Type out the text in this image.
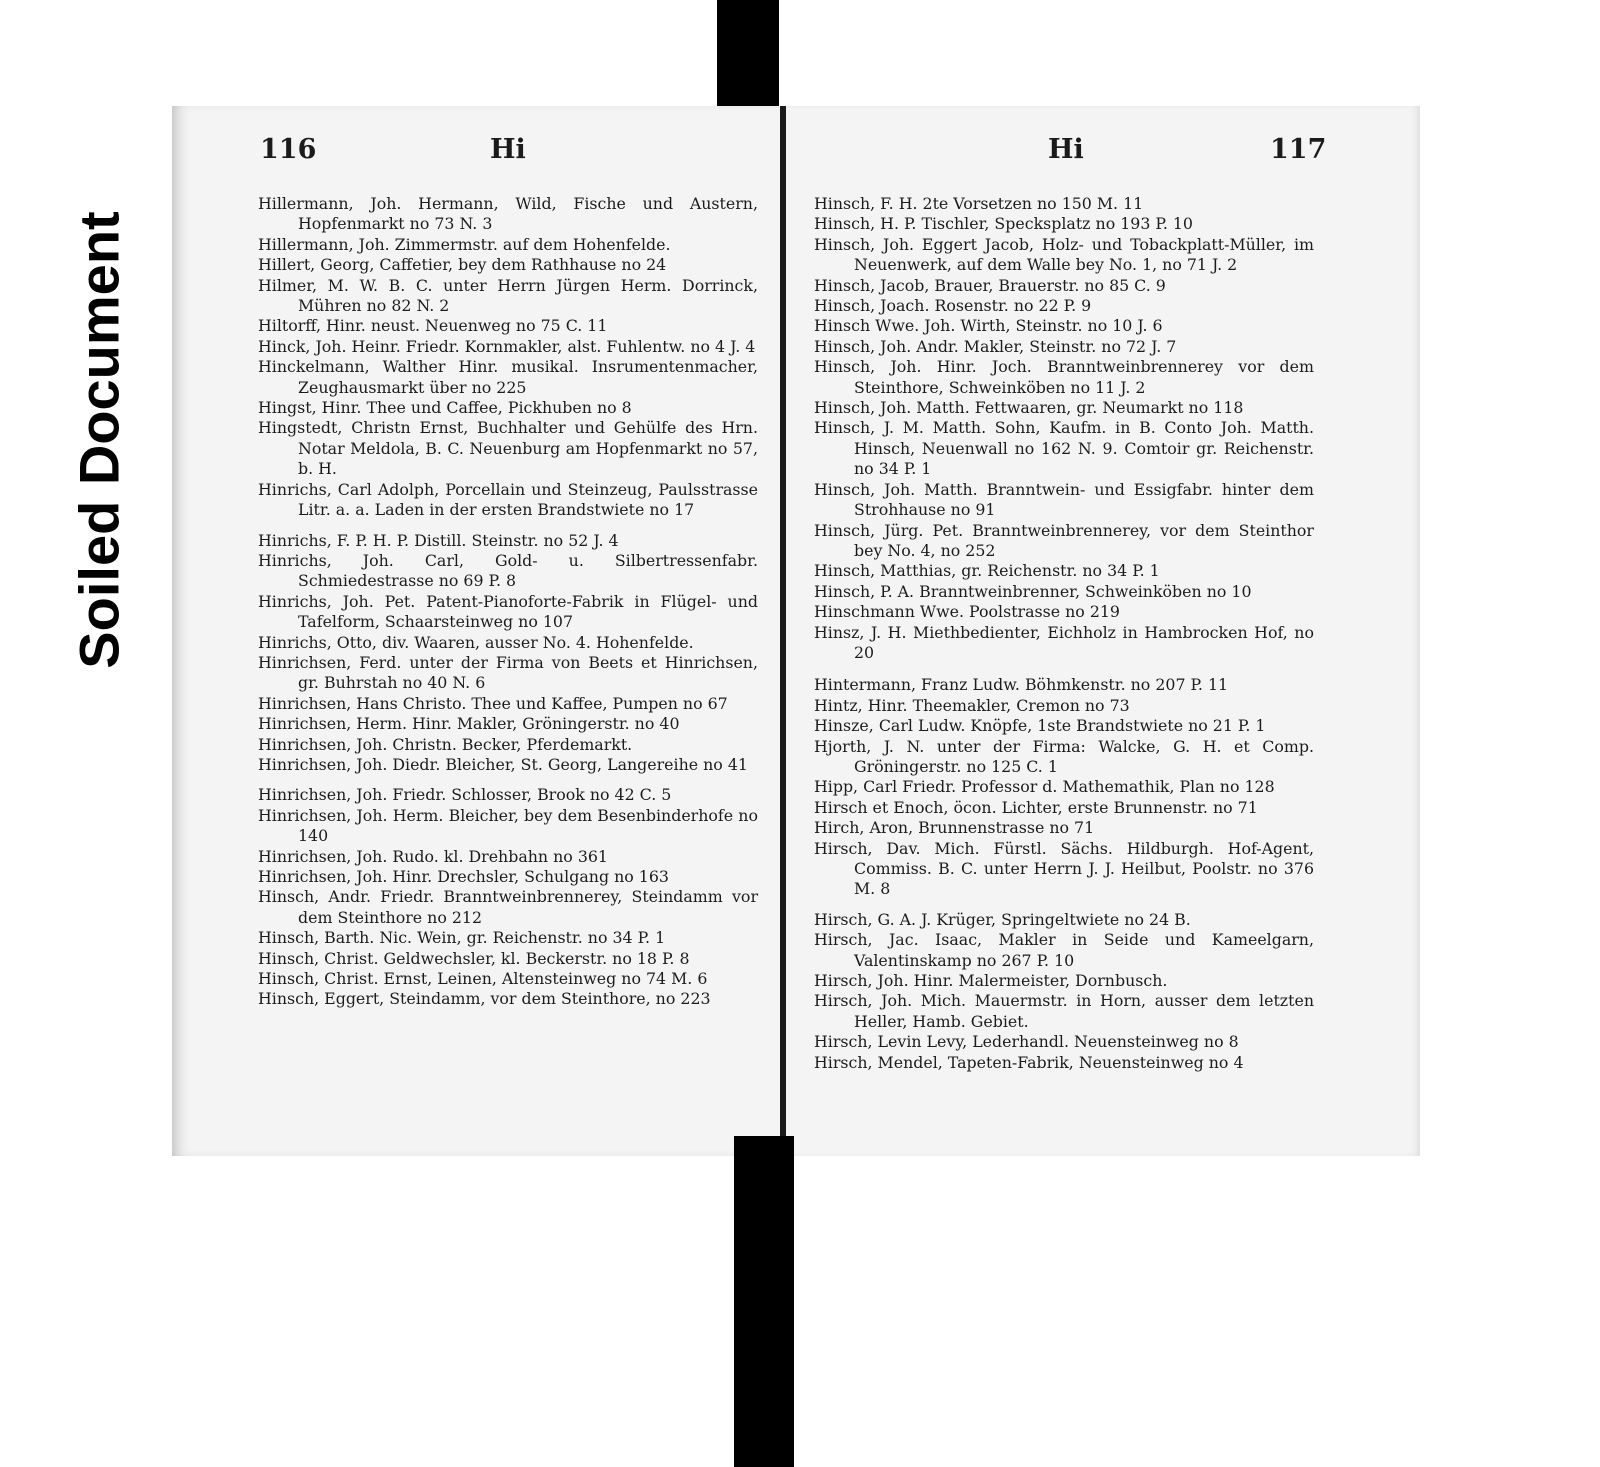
Soiled Document
116	Hi
Hillermann, Joh. Hermann, Wild, Fische und Austern, Hopfenmarkt no 73 N. 3
Hillermann, Joh. Zimmermstr. auf dem Hohenfelde.
Hillert, Georg, Caffetier, bey dem Rathhause no 24
Hilmer, M. W. B. C. unter Herrn Jürgen Herm. Dorrinck, Mühren no 82 N. 2
Hiltorff, Hinr. neust. Neuenweg no 75 C. 11
Hinck, Joh. Heinr. Friedr. Kornmakler, alst. Fuhlentw. no 4 J. 4
Hinckelmann, Walther Hinr. musikal. Insrumentenmacher, Zeughausmarkt über no 225
Hingst, Hinr. Thee und Caffee, Pickhuben no 8
Hingstedt, Christn Ernst, Buchhalter und Gehülfe des Hrn. Notar Meldola, B. C. Neuenburg am Hopfenmarkt no 57, b. H.
Hinrichs, Carl Adolph, Porcellain und Steinzeug, Paulsstrasse Litr. a. a. Laden in der ersten Brandstwiete no 17
Hinrichs, F. P. H. P. Distill. Steinstr. no 52 J. 4
Hinrichs, Joh. Carl, Gold- u. Silbertressenfabr. Schmiedestrasse no 69 P. 8
Hinrichs, Joh. Pet. Patent-Pianoforte-Fabrik in Flügel- und Tafelform, Schaarsteinweg no 107
Hinrichs, Otto, div. Waaren, ausser No. 4. Hohenfelde.
Hinrichsen, Ferd. unter der Firma von Beets et Hinrichsen, gr. Buhrstah no 40 N. 6
Hinrichsen, Hans Christo. Thee und Kaffee, Pumpen no 67
Hinrichsen, Herm. Hinr. Makler, Gröningerstr. no 40
Hinrichsen, Joh. Christn. Becker, Pferdemarkt.
Hinrichsen, Joh. Diedr. Bleicher, St. Georg, Langereihe no 41
Hinrichsen, Joh. Friedr. Schlosser, Brook no 42 C. 5
Hinrichsen, Joh. Herm. Bleicher, bey dem Besenbinderhofe no 140
Hinrichsen, Joh. Rudo. kl. Drehbahn no 361
Hinrichsen, Joh. Hinr. Drechsler, Schulgang no 163
Hinsch, Andr. Friedr. Branntweinbrennerey, Steindamm vor dem Steinthore no 212
Hinsch, Barth. Nic. Wein, gr. Reichenstr. no 34 P. 1
Hinsch, Christ. Geldwechsler, kl. Beckerstr. no 18 P. 8
Hinsch, Christ. Ernst, Leinen, Altensteinweg no 74 M. 6
Hinsch, Eggert, Steindamm, vor dem Steinthore, no 223
Hi	117
Hinsch, F. H. 2te Vorsetzen no 150 M. 11
Hinsch, H. P. Tischler, Specksplatz no 193 P. 10
Hinsch, Joh. Eggert Jacob, Holz- und Tobackplatt-Müller, im Neuenwerk, auf dem Walle bey No. 1, no 71 J. 2
Hinsch, Jacob, Brauer, Brauerstr. no 85 C. 9
Hinsch, Joach. Rosenstr. no 22 P. 9
Hinsch Wwe. Joh. Wirth, Steinstr. no 10 J. 6
Hinsch, Joh. Andr. Makler, Steinstr. no 72 J. 7
Hinsch, Joh. Hinr. Joch. Branntweinbrennerey vor dem Steinthore, Schweinköben no 11 J. 2
Hinsch, Joh. Matth. Fettwaaren, gr. Neumarkt no 118
Hinsch, J. M. Matth. Sohn, Kaufm. in B. Conto Joh. Matth. Hinsch, Neuenwall no 162 N. 9. Comtoir gr. Reichenstr. no 34 P. 1
Hinsch, Joh. Matth. Branntwein- und Essigfabr. hinter dem Strohhause no 91
Hinsch, Jürg. Pet. Branntweinbrennerey, vor dem Steinthor bey No. 4, no 252
Hinsch, Matthias, gr. Reichenstr. no 34 P. 1
Hinsch, P. A. Branntweinbrenner, Schweinköben no 10
Hinschmann Wwe. Poolstrasse no 219
Hinsz, J. H. Miethbedienter, Eichholz in Hambrocken Hof, no 20
Hintermann, Franz Ludw. Böhmkenstr. no 207 P. 11
Hintz, Hinr. Theemakler, Cremon no 73
Hinsze, Carl Ludw. Knöpfe, 1ste Brandstwiete no 21 P. 1
Hjorth, J. N. unter der Firma: Walcke, G. H. et Comp. Gröningerstr. no 125 C. 1
Hipp, Carl Friedr. Professor d. Mathemathik, Plan no 128
Hirsch et Enoch, öcon. Lichter, erste Brunnenstr. no 71
Hirch, Aron, Brunnenstrasse no 71
Hirsch, Dav. Mich. Fürstl. Sächs. Hildburgh. Hof-Agent, Commiss. B. C. unter Herrn J. J. Heilbut, Poolstr. no 376 M. 8
Hirsch, G. A. J. Krüger, Springeltwiete no 24 B.
Hirsch, Jac. Isaac, Makler in Seide und Kameelgarn, Valentinskamp no 267 P. 10
Hirsch, Joh. Hinr. Malermeister, Dornbusch.
Hirsch, Joh. Mich. Mauermstr. in Horn, ausser dem letzten Heller, Hamb. Gebiet.
Hirsch, Levin Levy, Lederhandl. Neuensteinweg no 8
Hirsch, Mendel, Tapeten-Fabrik, Neuensteinweg no 4
